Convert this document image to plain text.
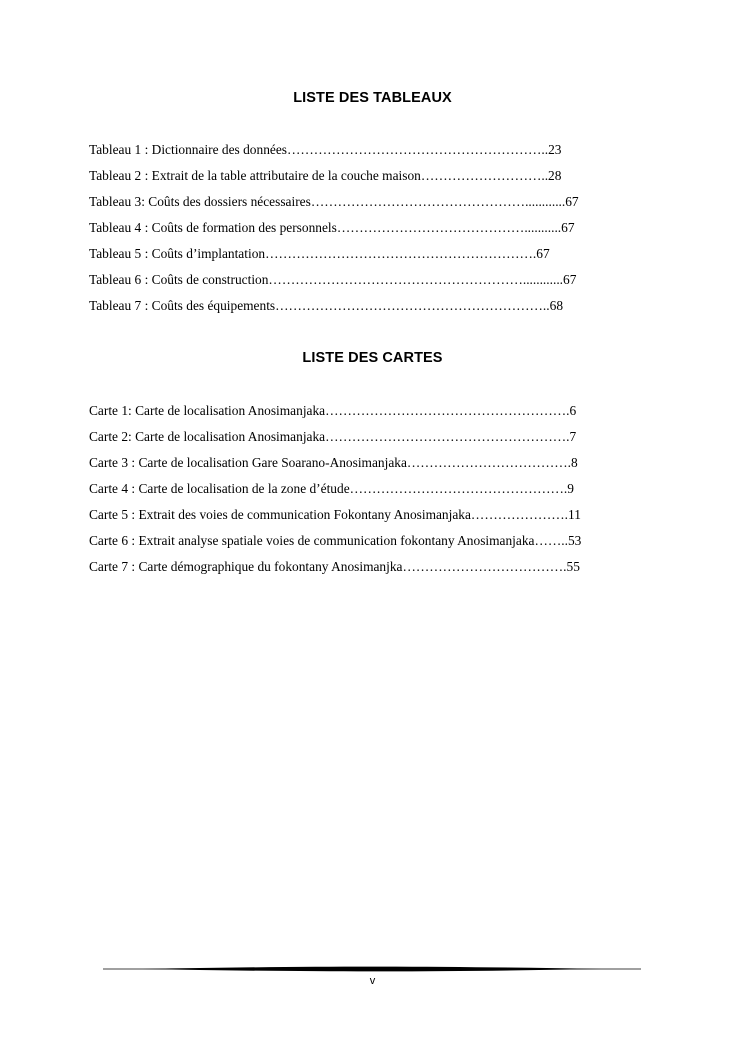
LISTE DES TABLEAUX
Tableau 1 : Dictionnaire des données…………………………………………………..23
Tableau 2 : Extrait de la table attributaire de la couche maison………………………..28
Tableau 3: Coûts des dossiers nécessaires…………………………………………............67
Tableau 4 : Coûts de formation des personnels……………………………………...........67
Tableau 5 : Coûts d’implantation…………………………………………………….67
Tableau 6 : Coûts de construction…………………………………………………............67
Tableau 7 : Coûts des équipements……………………………………………………..68
LISTE DES CARTES
Carte 1: Carte de localisation Anosimanjaka……………………………………………….6
Carte 2: Carte de localisation Anosimanjaka……………………………………………….7
Carte 3 : Carte de localisation Gare Soarano-Anosimanjaka……………………………….8
Carte 4 : Carte de localisation de la zone d’étude………………………………………….9
Carte 5 : Extrait des voies de communication Fokontany Anosimanjaka………………….11
Carte 6 : Extrait analyse spatiale voies de communication fokontany Anosimanjaka……..53
Carte 7 : Carte démographique du fokontany Anosimanjka……………………………….55
v
